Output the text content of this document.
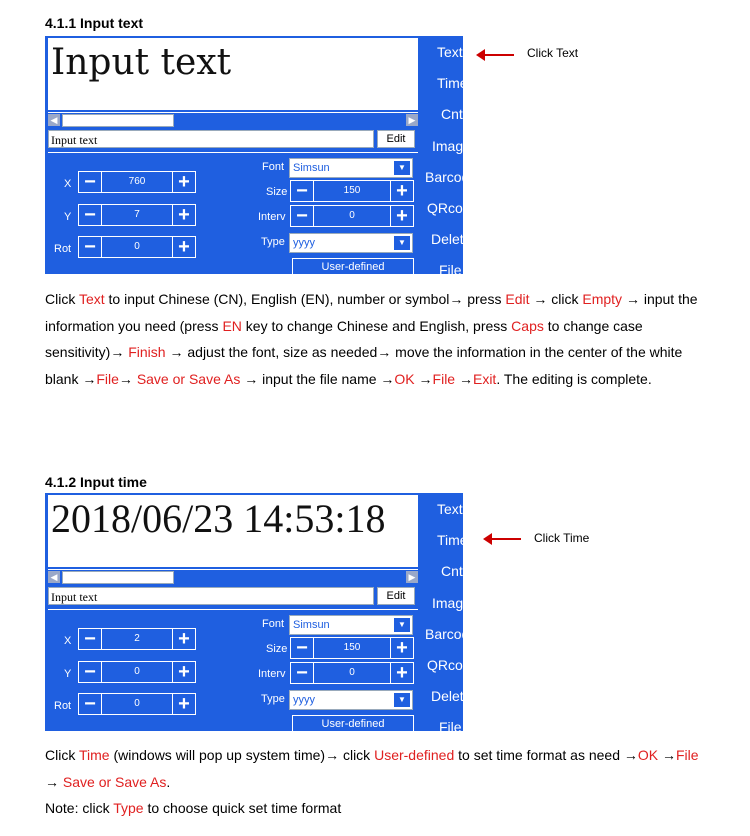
4.1.1 Input text
Input text
◀	▶
Input text	Edit
X −	760	+
Y −	7	+
Rot −	0	+
Font Simsun	▼
Size −	150	+
Interv −	0	+
Type yyyy	▼
User-defined
Text
Time
Cnt
Image
Barcode
QRcode
Delete
File
Click Text
Click Text to input Chinese (CN), English (EN), number or symbol→ press Edit → click Empty → input the information you need (press EN key to change Chinese and English, press Caps to change case sensitivity)→ Finish → adjust the font, size as needed→ move the information in the center of the white blank →File→ Save or Save As → input the file name →OK →File →Exit. The editing is complete.
4.1.2 Input time
2018/06/23 14:53:18
◀	▶
Input text	Edit
X −	2	+
Y −	0	+
Rot −	0	+
Font Simsun	▼
Size −	150	+
Interv −	0	+
Type yyyy	▼
User-defined
Text
Time
Cnt
Image
Barcode
QRcode
Delete
File
Click Time
Click Time (windows will pop up system time)→ click User-defined to set time format as need →OK →File → Save or Save As.
Note: click Type to choose quick set time format
